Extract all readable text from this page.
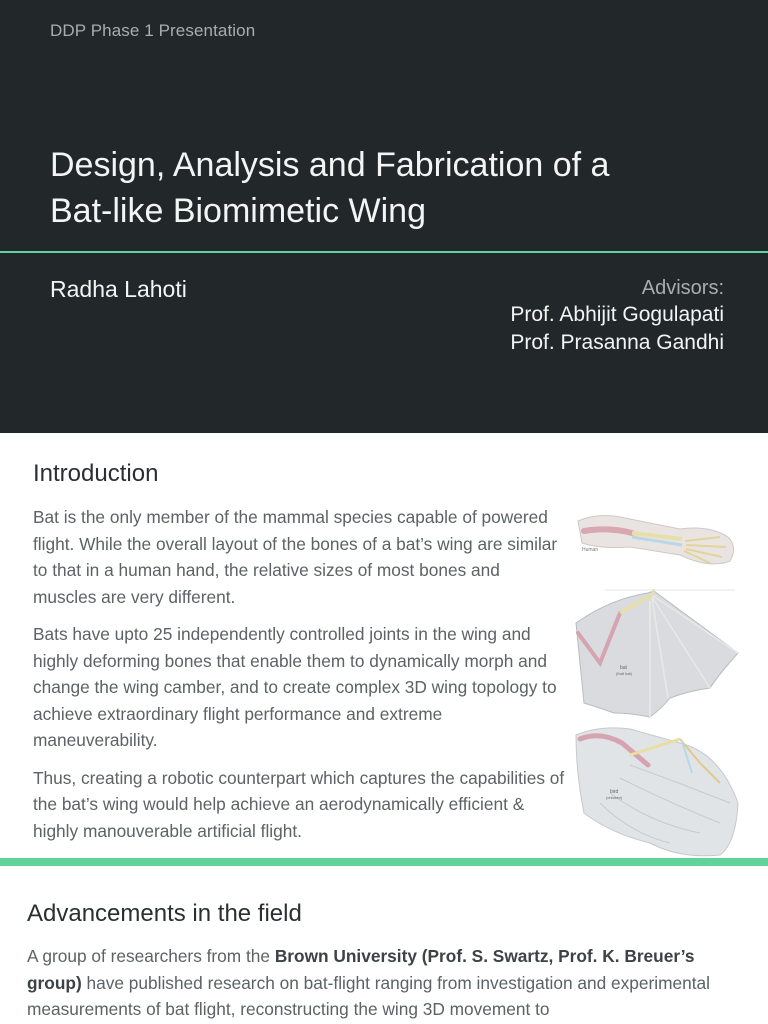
DDP Phase 1 Presentation
Design, Analysis and Fabrication of a
Bat-like Biomimetic Wing
Radha Lahoti	Advisors:
Prof. Abhijit Gogulapati
Prof. Prasanna Gandhi
Introduction

Bat is the only member of the mammal species capable of powered flight. While the overall layout of the bones of a bat’s wing are similar to that in a human hand, the relative sizes of most bones and muscles are very different.

Bats have upto 25 independently controlled joints in the wing and highly deforming bones that enable them to dynamically morph and change the wing camber, and to create complex 3D wing topology to achieve extraordinary flight performance and extreme maneuverability.

Thus, creating a robotic counterpart which captures the capabilities of the bat’s wing would help achieve an aerodynamically efficient & highly manouverable artificial flight.

Human
bat
(fruit bat)
bird
(chicken)
Advancements in the field

A group of researchers from the Brown University (Prof. S. Swartz, Prof. K. Breuer’s group) have published research on bat-flight ranging from investigation and experimental measurements of bat flight, reconstructing the wing 3D movement to
